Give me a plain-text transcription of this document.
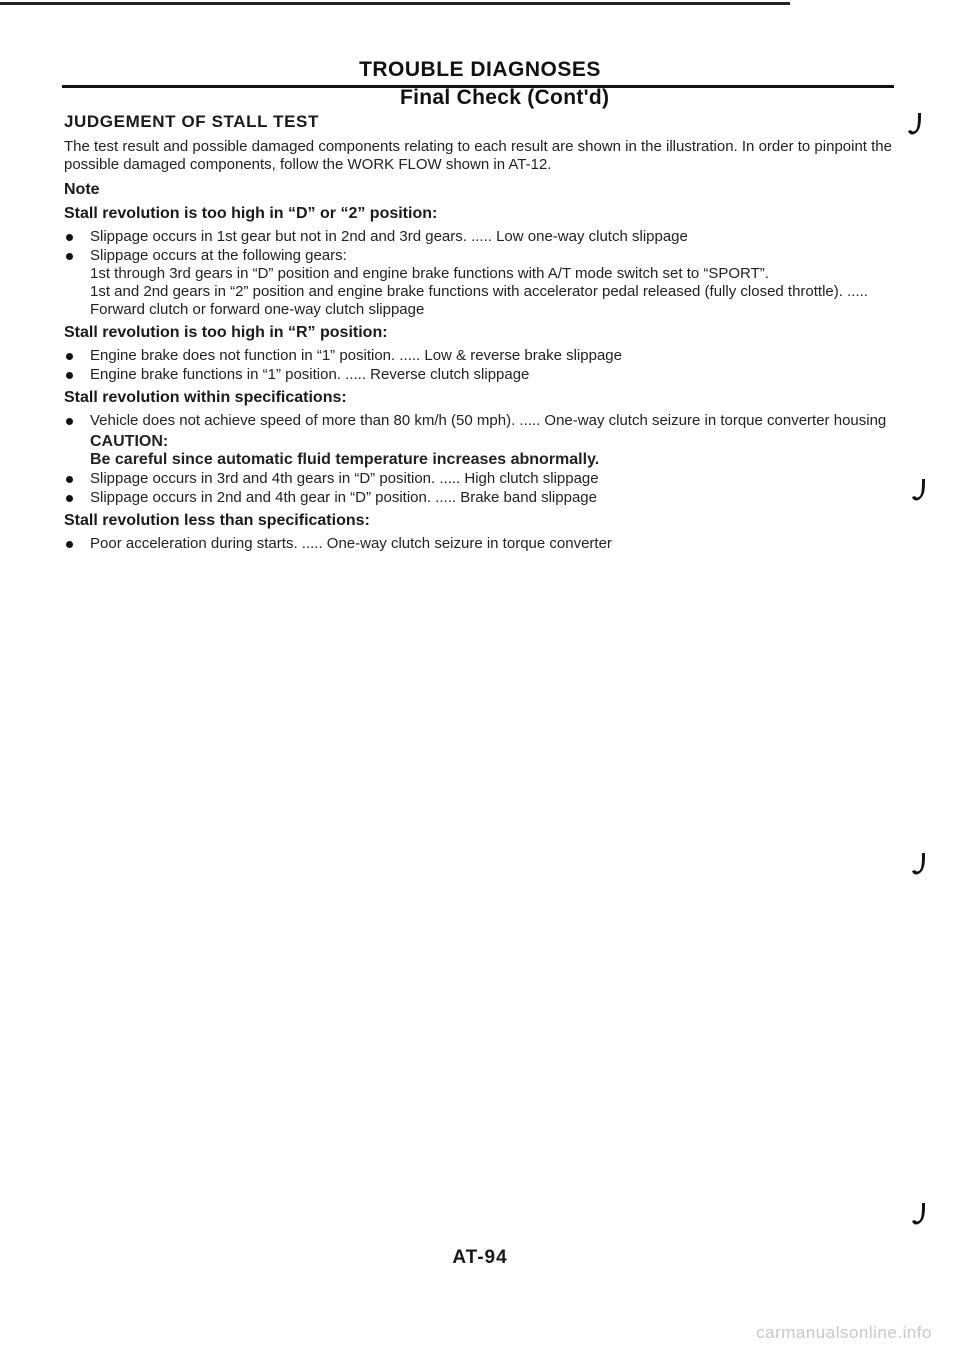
TROUBLE DIAGNOSES
Final Check (Cont'd)
JUDGEMENT OF STALL TEST
The test result and possible damaged components relating to each result are shown in the illustration. In order to pinpoint the possible damaged components, follow the WORK FLOW shown in AT-12.
Note
Stall revolution is too high in “D” or “2” position:
Slippage occurs in 1st gear but not in 2nd and 3rd gears. ..... Low one-way clutch slippage
Slippage occurs at the following gears:
1st through 3rd gears in “D” position and engine brake functions with A/T mode switch set to “SPORT”.
1st and 2nd gears in “2” position and engine brake functions with accelerator pedal released (fully closed throttle). ..... Forward clutch or forward one-way clutch slippage
Stall revolution is too high in “R” position:
Engine brake does not function in “1” position. ..... Low & reverse brake slippage
Engine brake functions in “1” position. ..... Reverse clutch slippage
Stall revolution within specifications:
Vehicle does not achieve speed of more than 80 km/h (50 mph). ..... One-way clutch seizure in torque converter housing
CAUTION:
Be careful since automatic fluid temperature increases abnormally.
Slippage occurs in 3rd and 4th gears in “D” position. ..... High clutch slippage
Slippage occurs in 2nd and 4th gear in “D” position. ..... Brake band slippage
Stall revolution less than specifications:
Poor acceleration during starts. ..... One-way clutch seizure in torque converter
AT-94
carmanualsonline.info
